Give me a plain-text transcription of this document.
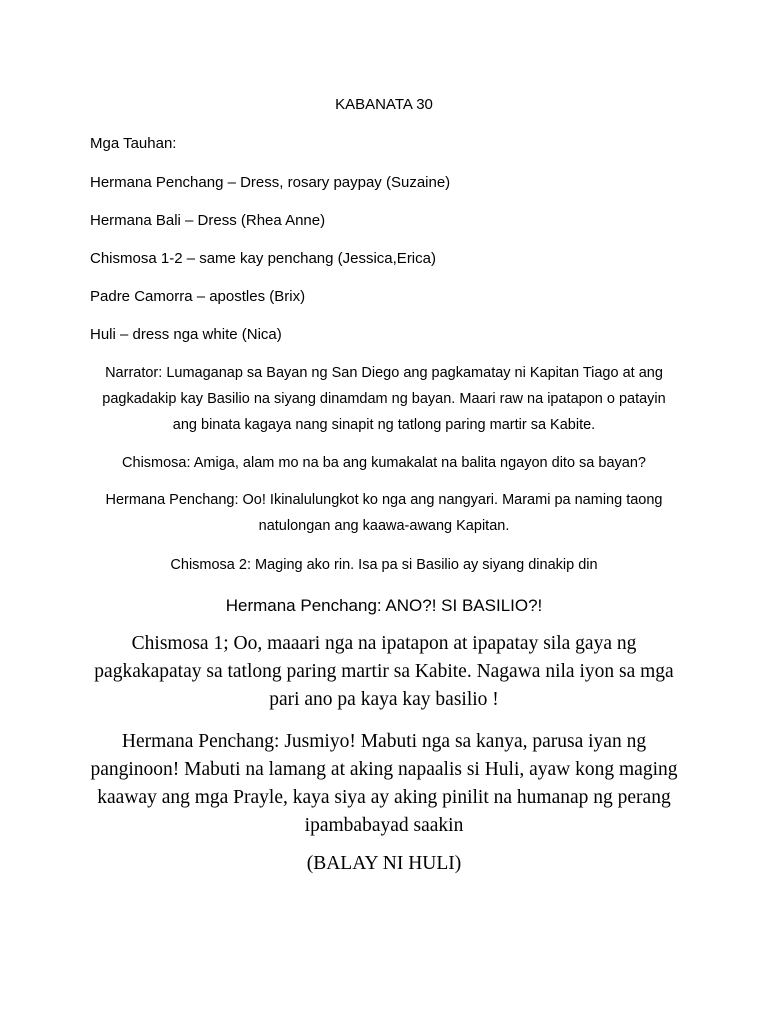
KABANATA 30
Mga Tauhan:
Hermana Penchang – Dress, rosary paypay (Suzaine)
Hermana Bali – Dress (Rhea Anne)
Chismosa 1-2 – same kay penchang (Jessica,Erica)
Padre Camorra – apostles (Brix)
Huli – dress nga white (Nica)

Narrator: Lumaganap sa Bayan ng San Diego ang pagkamatay ni Kapitan Tiago at ang pagkadakip kay Basilio na siyang dinamdam ng bayan. Maari raw na ipatapon o patayin ang binata kagaya nang sinapit ng tatlong paring martir sa Kabite.

Chismosa: Amiga, alam mo na ba ang kumakalat na balita ngayon dito sa bayan?

Hermana Penchang: Oo! Ikinalulungkot ko nga ang nangyari. Marami pa naming taong natulongan ang kaawa-awang Kapitan.

Chismosa 2: Maging ako rin. Isa pa si Basilio ay siyang dinakip din

Hermana Penchang: ANO?! SI BASILIO?!

Chismosa 1; Oo, maaari nga na ipatapon at ipapatay sila gaya ng pagkakapatay sa tatlong paring martir sa Kabite. Nagawa nila iyon sa mga pari ano pa kaya kay basilio !

Hermana Penchang: Jusmiyo! Mabuti nga sa kanya, parusa iyan ng panginoon! Mabuti na lamang at aking napaalis si Huli, ayaw kong maging kaaway ang mga Prayle, kaya siya ay aking pinilit na humanap ng perang ipambabayad saakin

(BALAY NI HULI)
